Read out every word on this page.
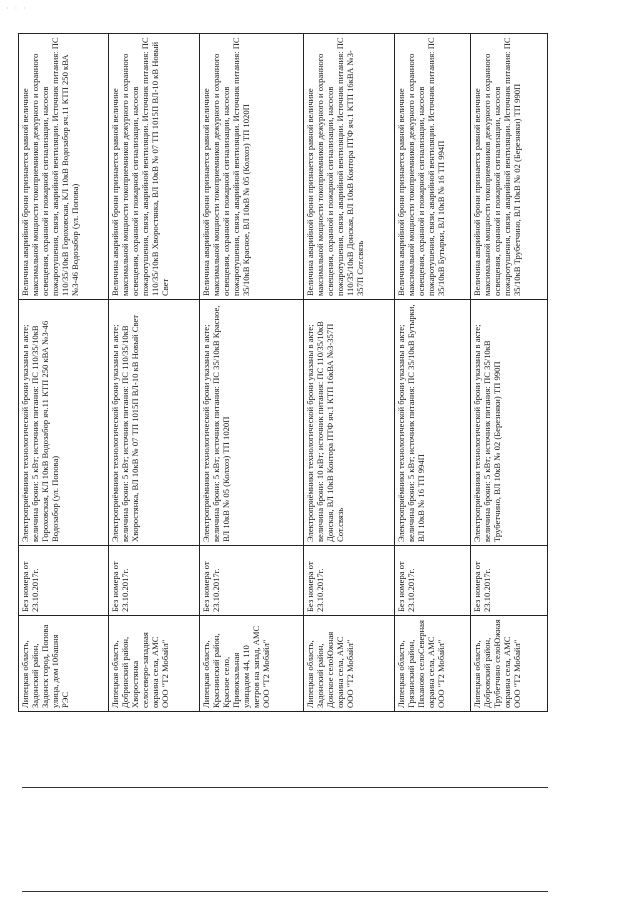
· · ·
Липецкая область, Задонский район, Задонск город, Попова улица, дом 10башня РЭС	Без номера от 23.10.2017г.	Электроприёмники технологической брони указаны в акте; величина брони: 5 кВт; источник питания: ПС 110/35/10кВ Гороховская, КЛ 10кВ Водозабор яч.11 КТП 250 кВА №3-46 Водозабор (ул. Попова)	Величина аварийной брони признается равной величине максимальной мощности токоприемников дежурного и охранного освещения, охранной и пожарной сигнализации, насосов пожаротушения, связи, аварийной вентиляции. Источник питания: ПС 110/35/10кВ Гороховская, КЛ 10кВ Водозабор яч.11 КТП 250 кВА №3-46 Водозабор (ул. Попова)
Липецкая область, Добринский район, Хворостянка селосеверо-западная окраина села, АМС ООО "Т2 Мобайл"	Без номера от 23.10.2017г.	Электроприёмники технологической брони указаны в акте; величина брони: 5 кВт; источник питания: ПС 110/35/10кВ Хворостянка, ВЛ 10кВ № 07 ТП 1015П ВЛ-10 кВ Новый Свет	Величина аварийной брони признается равной величине максимальной мощности токоприемников дежурного и охранного освещения, охранной и пожарной сигнализации, насосов пожаротушения, связи, аварийной вентиляции. Источник питания: ПС 110/35/10кВ Хворостянка, ВЛ 10кВ № 07 ТП 1015П ВЛ-10 кВ Новый Свет
Липецкая область, Краснинский район, Красное село, Привокзальная улицадом 44, 110 метров на запад, АМС ООО "Т2 Мобайл"	Без номера от 23.10.2017г.	Электроприёмники технологической брони указаны в акте; величина брони: 5 кВт; источник питания: ПС 35/10кВ Красное, ВЛ 10кВ № 05 (Колхоз) ТП 1020П	Величина аварийной брони признается равной величине максимальной мощности токоприемников дежурного и охранного освещения, охранной и пожарной сигнализации, насосов пожаротушения, связи, аварийной вентиляции. Источник питания: ПС 35/10кВ Красное, ВЛ 10кВ № 05 (Колхоз) ТП 1020П
Липецкая область, Задонский район, Донское селоЮжная окраина села, АМС ООО "Т2 Мобайл"	Без номера от 23.10.2017г.	Электроприёмники технологической брони указаны в акте; величина брони: 10 кВт; источник питания: ПС 110/35/10кВ Донская, ВЛ 10кВ Контора ПТФ яч.1 КТП 16кВА №3-357П Сот.связь	Величина аварийной брони признается равной величине максимальной мощности токоприемников дежурного и охранного освещения, охранной и пожарной сигнализации, насосов пожаротушения, связи, аварийной вентиляции. Источник питания: ПС 110/35/10кВ Донская, ВЛ 10кВ Контора ПТФ яч.1 КТП 16кВА №3-357П Сот.связь
Липецкая область, Грязинский район, Пяханово селоСеверная окраина села, АМС ООО "Т2 Мобайл"	Без номера от 23.10.2017г.	Электроприёмники технологической брони указаны в акте; величина брони: 5 кВт; источник питания: ПС 35/10кВ Бутырки, ВЛ 10кВ № 16 ТП 994П	Величина аварийной брони признается равной величине максимальной мощности токоприемников дежурного и охранного освещения, охранной и пожарной сигнализации, насосов пожаротушения, связи, аварийной вентиляции. Источник питания: ПС 35/10кВ Бутырки, ВЛ 10кВ № 16 ТП 994П
Липецкая область, Добровский район, Трубетчино селоЮжная окраина села, АМС ООО "Т2 Мобайл"	Без номера от 23.10.2017г.	Электроприёмники технологической брони указаны в акте; величина брони: 5 кВт; источник питания: ПС 35/10кВ Трубетчино, ВЛ 10кВ № 02 (Березняки) ТП 990П	Величина аварийной брони признается равной величине максимальной мощности токоприемников дежурного и охранного освещения, охранной и пожарной сигнализации, насосов пожаротушения, связи, аварийной вентиляции. Источник питания: ПС 35/10кВ Трубетчино, ВЛ 10кВ № 02 (Березняки) ТП 990П
